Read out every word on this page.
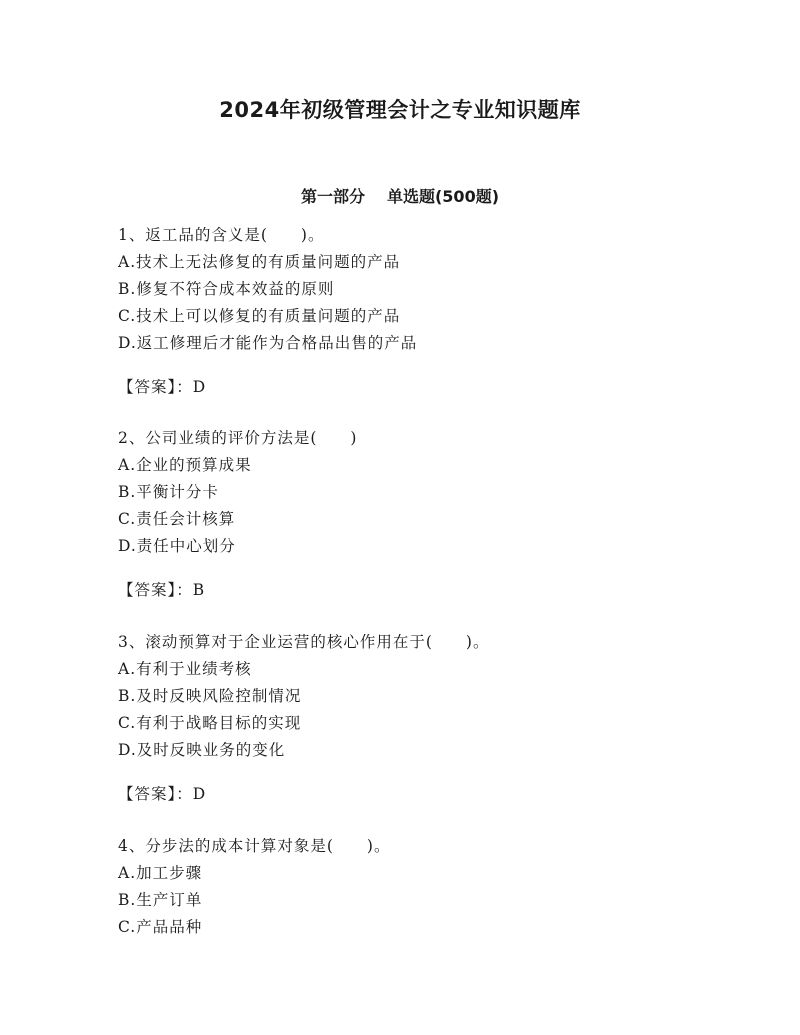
2024年初级管理会计之专业知识题库
第一部分 单选题(500题)
1、返工品的含义是(　　)。
A.技术上无法修复的有质量问题的产品
B.修复不符合成本效益的原则
C.技术上可以修复的有质量问题的产品
D.返工修理后才能作为合格品出售的产品
【答案】：D
2、公司业绩的评价方法是(　　)
A.企业的预算成果
B.平衡计分卡
C.责任会计核算
D.责任中心划分
【答案】：B
3、滚动预算对于企业运营的核心作用在于(　　)。
A.有利于业绩考核
B.及时反映风险控制情况
C.有利于战略目标的实现
D.及时反映业务的变化
【答案】：D
4、分步法的成本计算对象是(　　)。
A.加工步骤
B.生产订单
C.产品品种
